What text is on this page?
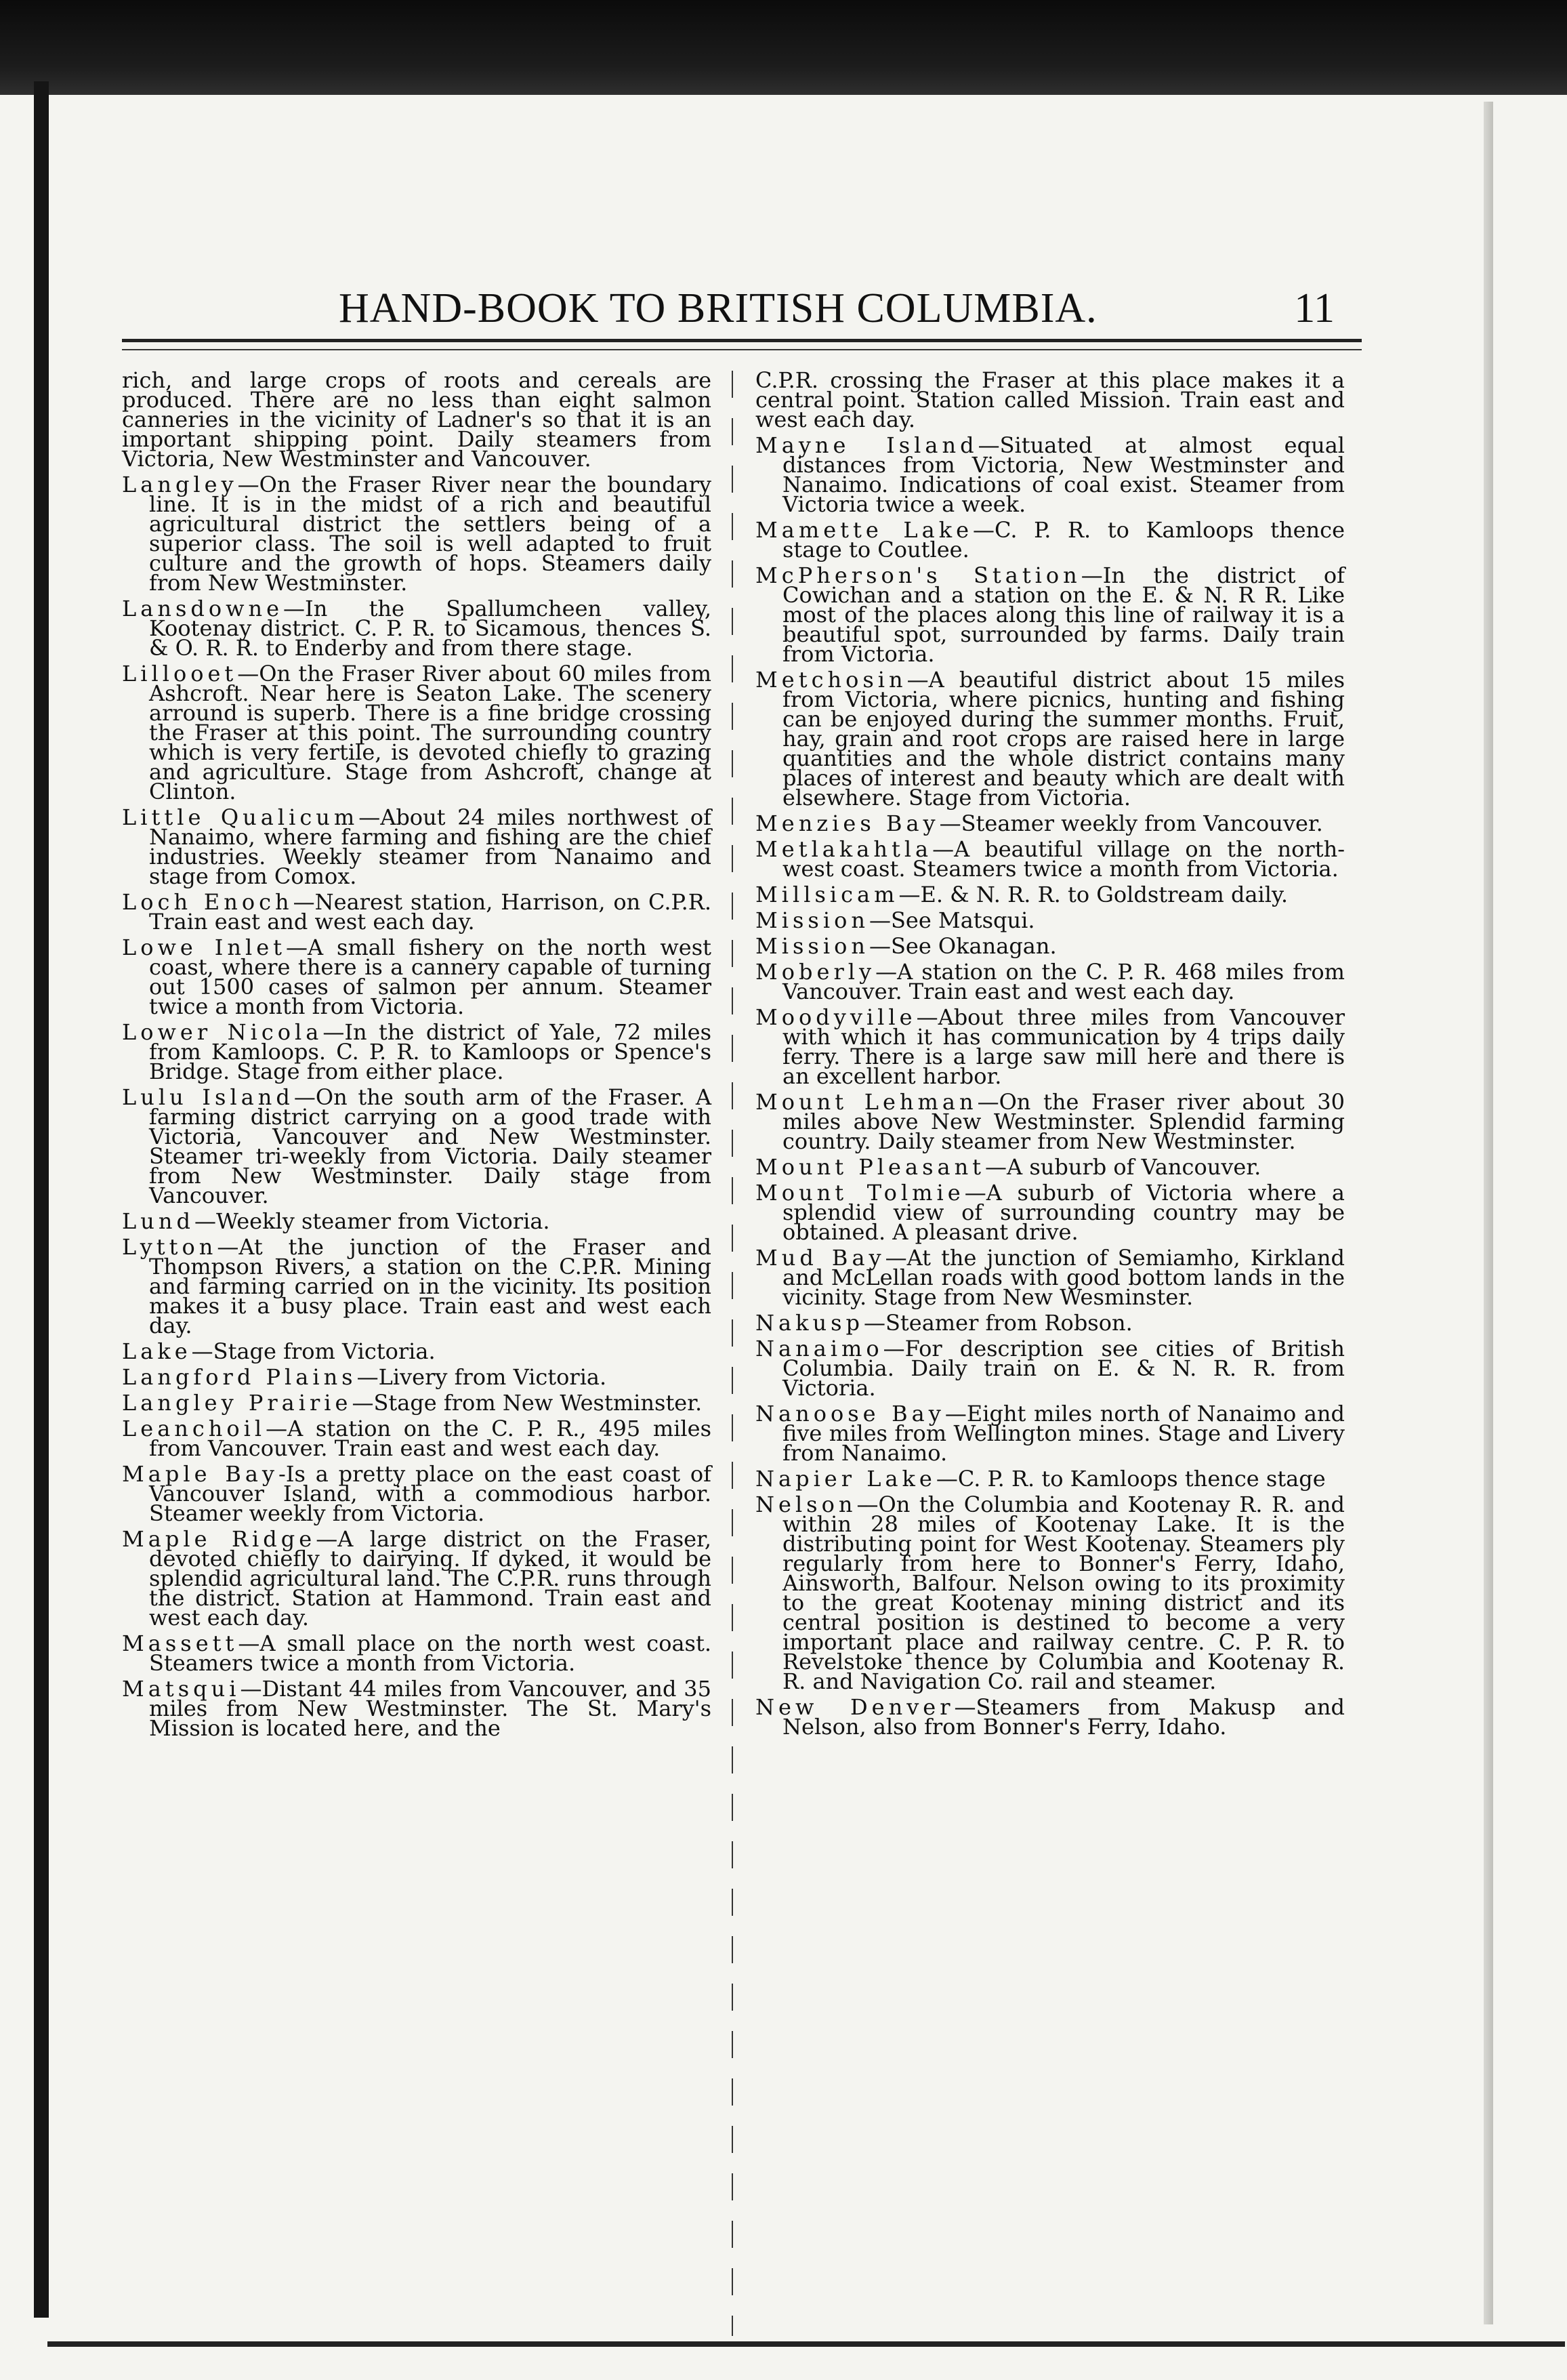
HAND-BOOK TO BRITISH COLUMBIA.	11

rich, and large crops of roots and cereals are produced. There are no less than eight salmon canneries in the vicinity of Ladner's so that it is an important shipping point. Daily steamers from Victoria, New Westminster and Vancouver.

Langley—On the Fraser River near the boundary line. It is in the midst of a rich and beautiful agricultural district the settlers being of a superior class. The soil is well adapted to fruit culture and the growth of hops. Steamers daily from New Westminster.

Lansdowne—In the Spallumcheen valley, Kootenay district. C. P. R. to Sicamous, thences S. & O. R. R. to Enderby and from there stage.

Lillooet—On the Fraser River about 60 miles from Ashcroft. Near here is Seaton Lake. The scenery arround is superb. There is a fine bridge crossing the Fraser at this point. The surrounding country which is very fertile, is devoted chiefly to grazing and agriculture. Stage from Ashcroft, change at Clinton.

Little Qualicum—About 24 miles northwest of Nanaimo, where farming and fishing are the chief industries. Weekly steamer from Nanaimo and stage from Comox.

Loch Enoch—Nearest station, Harrison, on C.P.R. Train east and west each day.

Lowe Inlet—A small fishery on the north west coast, where there is a cannery capable of turning out 1500 cases of salmon per annum. Steamer twice a month from Victoria.

Lower Nicola—In the district of Yale, 72 miles from Kamloops. C. P. R. to Kamloops or Spence's Bridge. Stage from either place.

Lulu Island—On the south arm of the Fraser. A farming district carrying on a good trade with Victoria, Vancouver and New Westminster. Steamer tri-weekly from Victoria. Daily steamer from New Westminster. Daily stage from Vancouver.

Lund—Weekly steamer from Victoria.

Lytton—At the junction of the Fraser and Thompson Rivers, a station on the C.P.R. Mining and farming carried on in the vicinity. Its position makes it a busy place. Train east and west each day.

Lake—Stage from Victoria.

Langford Plains—Livery from Victoria.

Langley Prairie—Stage from New Westminster.

Leanchoil—A station on the C. P. R., 495 miles from Vancouver. Train east and west each day.

Maple Bay-Is a pretty place on the east coast of Vancouver Island, with a commodious harbor. Steamer weekly from Victoria.

Maple Ridge—A large district on the Fraser, devoted chiefly to dairying. If dyked, it would be splendid agricultural land. The C.P.R. runs through the district. Station at Hammond. Train east and west each day.

Massett—A small place on the north west coast. Steamers twice a month from Victoria.

Matsqui—Distant 44 miles from Vancouver, and 35 miles from New Westminster. The St. Mary's Mission is located here, and the

C.P.R. crossing the Fraser at this place makes it a central point. Station called Mission. Train east and west each day.

Mayne Island—Situated at almost equal distances from Victoria, New Westminster and Nanaimo. Indications of coal exist. Steamer from Victoria twice a week.

Mamette Lake—C. P. R. to Kamloops thence stage to Coutlee.

McPherson's Station—In the district of Cowichan and a station on the E. & N. R R. Like most of the places along this line of railway it is a beautiful spot, surrounded by farms. Daily train from Victoria.

Metchosin—A beautiful district about 15 miles from Victoria, where picnics, hunting and fishing can be enjoyed during the summer months. Fruit, hay, grain and root crops are raised here in large quantities and the whole district contains many places of interest and beauty which are dealt with elsewhere. Stage from Victoria.

Menzies Bay—Steamer weekly from Vancouver.

Metlakahtla—A beautiful village on the north-west coast. Steamers twice a month from Victoria.

Millsicam—E. & N. R. R. to Goldstream daily.

Mission—See Matsqui.

Mission—See Okanagan.

Moberly—A station on the C. P. R. 468 miles from Vancouver. Train east and west each day.

Moodyville—About three miles from Vancouver with which it has communication by 4 trips daily ferry. There is a large saw mill here and there is an excellent harbor.

Mount Lehman—On the Fraser river about 30 miles above New Westminster. Splendid farming country. Daily steamer from New Westminster.

Mount Pleasant—A suburb of Vancouver.

Mount Tolmie—A suburb of Victoria where a splendid view of surrounding country may be obtained. A pleasant drive.

Mud Bay—At the junction of Semiamho, Kirkland and McLellan roads with good bottom lands in the vicinity. Stage from New Wesminster.

Nakusp—Steamer from Robson.

Nanaimo—For description see cities of British Columbia. Daily train on E. & N. R. R. from Victoria.

Nanoose Bay—Eight miles north of Nanaimo and five miles from Wellington mines. Stage and Livery from Nanaimo.

Napier Lake—C. P. R. to Kamloops thence stage

Nelson—On the Columbia and Kootenay R. R. and within 28 miles of Kootenay Lake. It is the distributing point for West Kootenay. Steamers ply regularly from here to Bonner's Ferry, Idaho, Ainsworth, Balfour. Nelson owing to its proximity to the great Kootenay mining district and its central position is destined to become a very important place and railway centre. C. P. R. to Revelstoke thence by Columbia and Kootenay R. R. and Navigation Co. rail and steamer.

New Denver—Steamers from Makusp and Nelson, also from Bonner's Ferry, Idaho.
